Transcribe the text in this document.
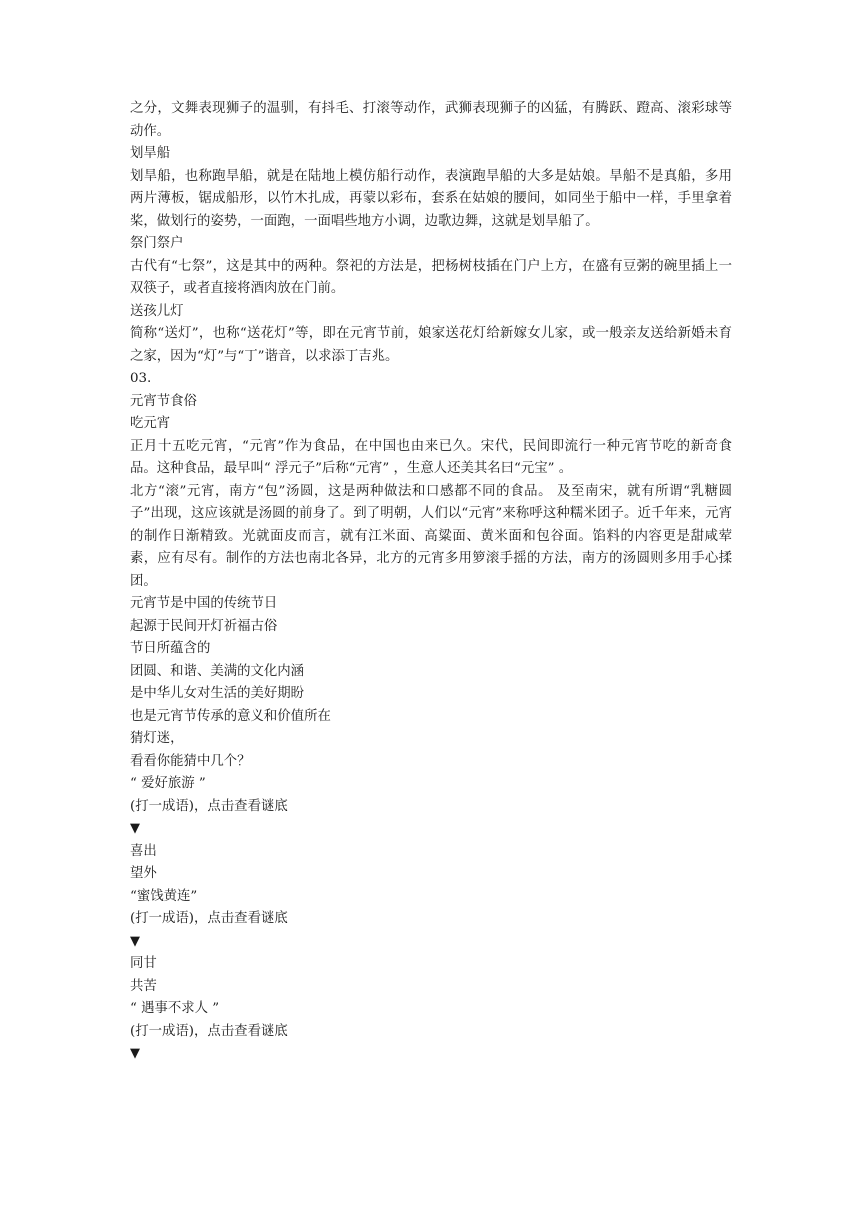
之分，文舞表现狮子的温驯，有抖毛、打滚等动作，武狮表现狮子的凶猛，有腾跃、蹬高、滚彩球等动作。
划旱船
划旱船，也称跑旱船，就是在陆地上模仿船行动作，表演跑旱船的大多是姑娘。旱船不是真船，多用两片薄板，锯成船形，以竹木扎成，再蒙以彩布，套系在姑娘的腰间，如同坐于船中一样，手里拿着桨，做划行的姿势，一面跑，一面唱些地方小调，边歌边舞，这就是划旱船了。
祭门祭户
古代有“七祭”，这是其中的两种。祭祀的方法是，把杨树枝插在门户上方，在盛有豆粥的碗里插上一双筷子，或者直接将酒肉放在门前。
送孩儿灯
简称“送灯”，也称“送花灯”等，即在元宵节前，娘家送花灯给新嫁女儿家，或一般亲友送给新婚未育之家，因为“灯”与“丁”谐音，以求添丁吉兆。
03.
元宵节食俗
吃元宵
正月十五吃元宵，“元宵”作为食品，在中国也由来已久。宋代，民间即流行一种元宵节吃的新奇食品。这种食品，最早叫“ 浮元子”后称“元宵” ，生意人还美其名曰“元宝” 。
北方“滚”元宵，南方“包”汤圆，这是两种做法和口感都不同的食品。 及至南宋，就有所谓“乳糖圆子”出现，这应该就是汤圆的前身了。到了明朝，人们以“元宵”来称呼这种糯米团子。近千年来，元宵的制作日渐精致。光就面皮而言，就有江米面、高粱面、黄米面和包谷面。馅料的内容更是甜咸荤素，应有尽有。制作的方法也南北各异，北方的元宵多用箩滚手摇的方法，南方的汤圆则多用手心揉团。
元宵节是中国的传统节日
起源于民间开灯祈福古俗
节日所蕴含的
团圆、和谐、美满的文化内涵
是中华儿女对生活的美好期盼
也是元宵节传承的意义和价值所在
猜灯迷，
看看你能猜中几个？
“ 爱好旅游 ”
(打一成语)，点击查看谜底
▼
喜出
望外
“蜜饯黄连”
(打一成语)，点击查看谜底
▼
同甘
共苦
“ 遇事不求人 ”
(打一成语)，点击查看谜底
▼
